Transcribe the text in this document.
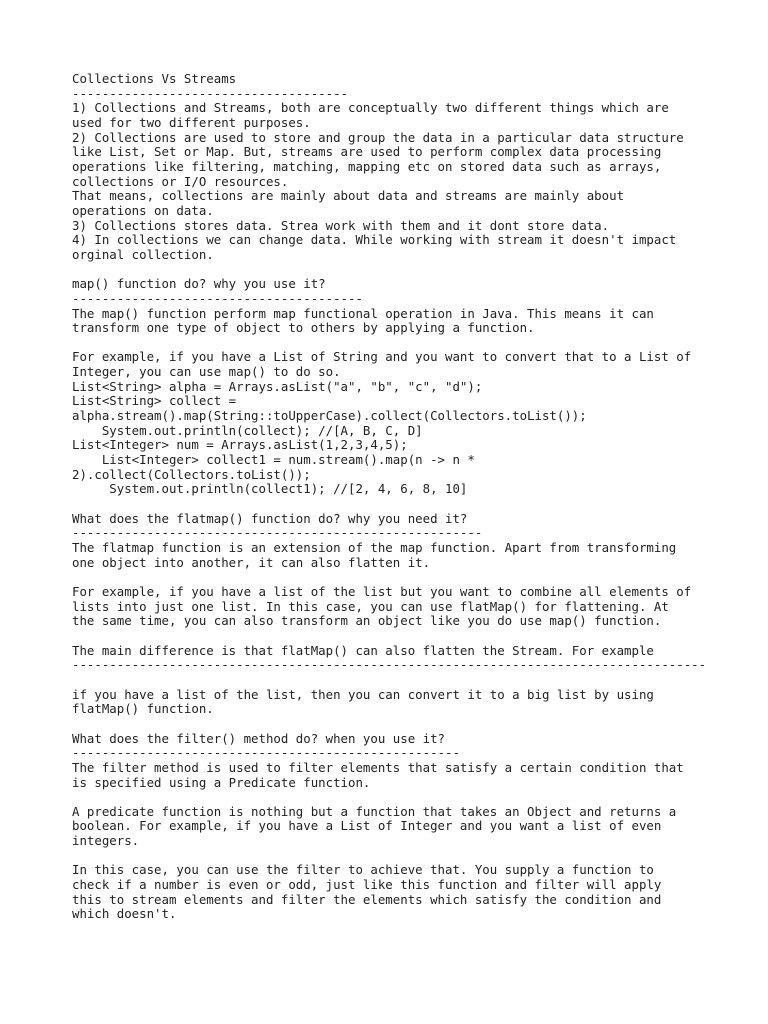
Collections Vs Streams
-------------------------------------
1) Collections and Streams, both are conceptually two different things which are
used for two different purposes.
2) Collections are used to store and group the data in a particular data structure
like List, Set or Map. But, streams are used to perform complex data processing
operations like filtering, matching, mapping etc on stored data such as arrays,
collections or I/O resources.
That means, collections are mainly about data and streams are mainly about
operations on data.
3) Collections stores data. Strea work with them and it dont store data.
4) In collections we can change data. While working with stream it doesn't impact
orginal collection.

map() function do? why you use it?
---------------------------------------
The map() function perform map functional operation in Java. This means it can
transform one type of object to others by applying a function.

For example, if you have a List of String and you want to convert that to a List of
Integer, you can use map() to do so.
List<String> alpha = Arrays.asList("a", "b", "c", "d");
List<String> collect =
alpha.stream().map(String::toUpperCase).collect(Collectors.toList());
System.out.println(collect); //[A, B, C, D]
List<Integer> num = Arrays.asList(1,2,3,4,5);
List<Integer> collect1 = num.stream().map(n -> n *
2).collect(Collectors.toList());
System.out.println(collect1); //[2, 4, 6, 8, 10]

What does the flatmap() function do? why you need it?
-------------------------------------------------------
The flatmap function is an extension of the map function. Apart from transforming
one object into another, it can also flatten it.

For example, if you have a list of the list but you want to combine all elements of
lists into just one list. In this case, you can use flatMap() for flattening. At
the same time, you can also transform an object like you do use map() function.

The main difference is that flatMap() can also flatten the Stream. For example
-------------------------------------------------------------------------------------

if you have a list of the list, then you can convert it to a big list by using
flatMap() function.

What does the filter() method do? when you use it?
----------------------------------------------------
The filter method is used to filter elements that satisfy a certain condition that
is specified using a Predicate function.

A predicate function is nothing but a function that takes an Object and returns a
boolean. For example, if you have a List of Integer and you want a list of even
integers.

In this case, you can use the filter to achieve that. You supply a function to
check if a number is even or odd, just like this function and filter will apply
this to stream elements and filter the elements which satisfy the condition and
which doesn't.
